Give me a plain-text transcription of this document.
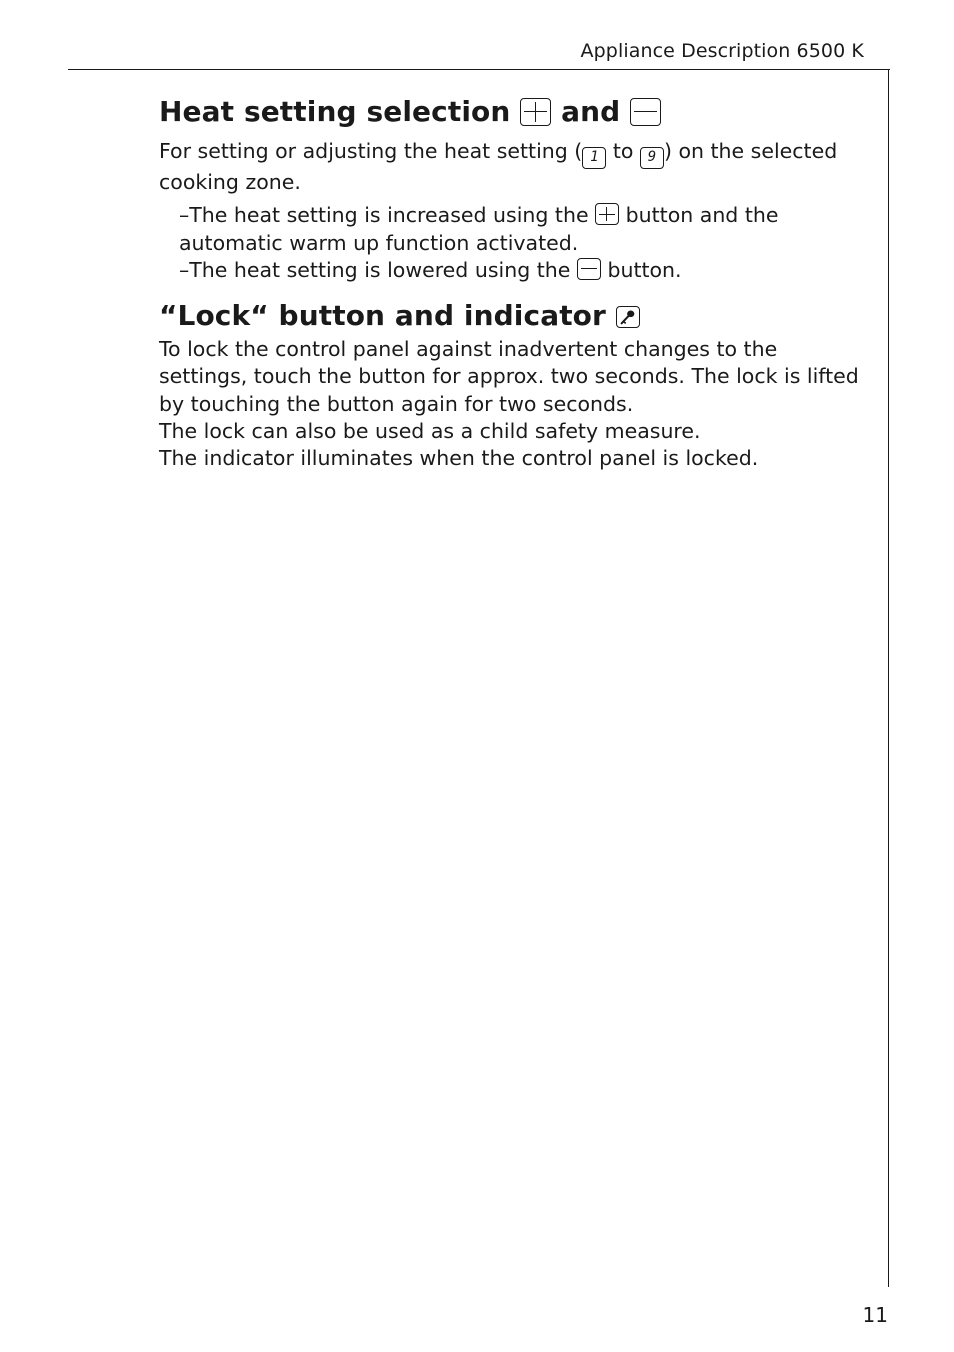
Appliance Description 6500 K
Heat setting selection and

For setting or adjusting the heat setting ( 1 to 9 ) on the selected cooking zone.

–The heat setting is increased using the button and the automatic warm up function activated.

–The heat setting is lowered using the button.

“Lock“ button and indicator

To lock the control panel against inadvertent changes to the settings, touch the button for approx. two seconds. The lock is lifted by touching the button again for two seconds.

The lock can also be used as a child safety measure.

The indicator illuminates when the control panel is locked.

11
